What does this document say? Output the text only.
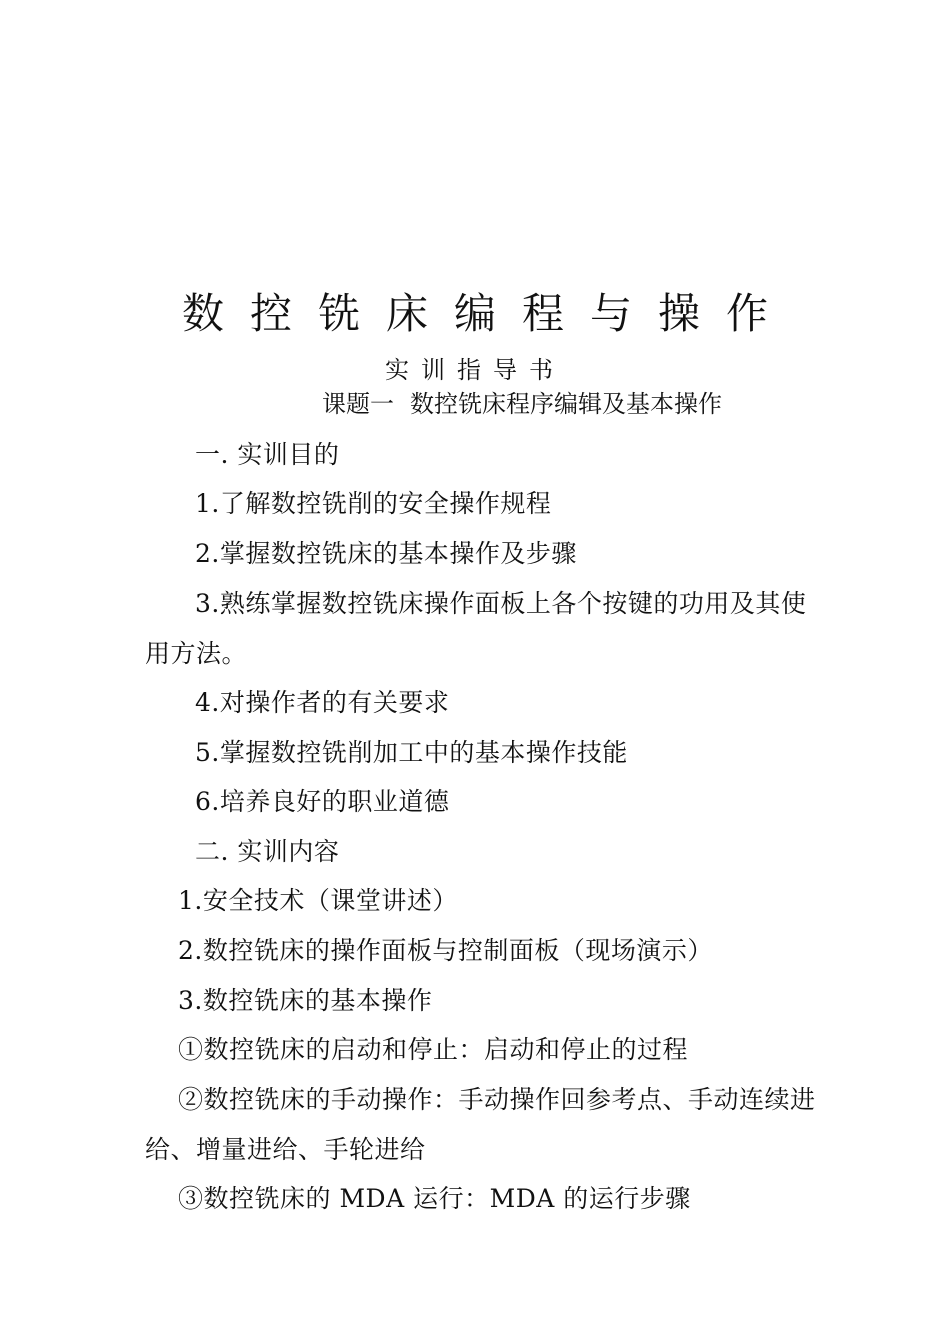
数控铣床编程与操作
实训指导书
课题一 数控铣床程序编辑及基本操作
一. 实训目的
1.了解数控铣削的安全操作规程
2.掌握数控铣床的基本操作及步骤
3.熟练掌握数控铣床操作面板上各个按键的功用及其使
用方法。
4.对操作者的有关要求
5.掌握数控铣削加工中的基本操作技能
6.培养良好的职业道德
二. 实训内容
1.安全技术（课堂讲述）
2.数控铣床的操作面板与控制面板（现场演示）
3.数控铣床的基本操作
①数控铣床的启动和停止：启动和停止的过程
②数控铣床的手动操作：手动操作回参考点、手动连续进
给、增量进给、手轮进给
③数控铣床的 MDA 运行：MDA 的运行步骤
